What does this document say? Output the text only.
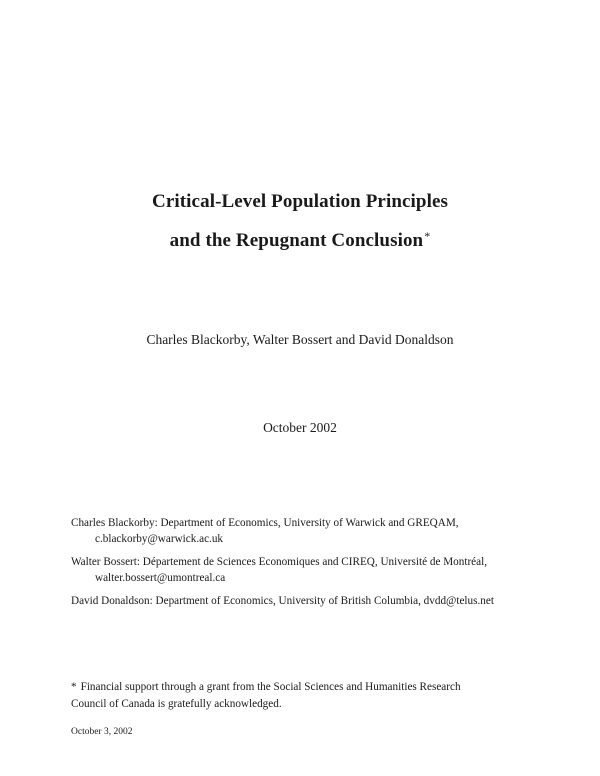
Critical-Level Population Principles
and the Repugnant Conclusion*
Charles Blackorby, Walter Bossert and David Donaldson
October 2002
Charles Blackorby: Department of Economics, University of Warwick and GREQAM,
c.blackorby@warwick.ac.uk
Walter Bossert: Département de Sciences Economiques and CIREQ, Université de Montréal,
walter.bossert@umontreal.ca
David Donaldson: Department of Economics, University of British Columbia, dvdd@telus.net
* Financial support through a grant from the Social Sciences and Humanities Research
Council of Canada is gratefully acknowledged.
October 3, 2002
